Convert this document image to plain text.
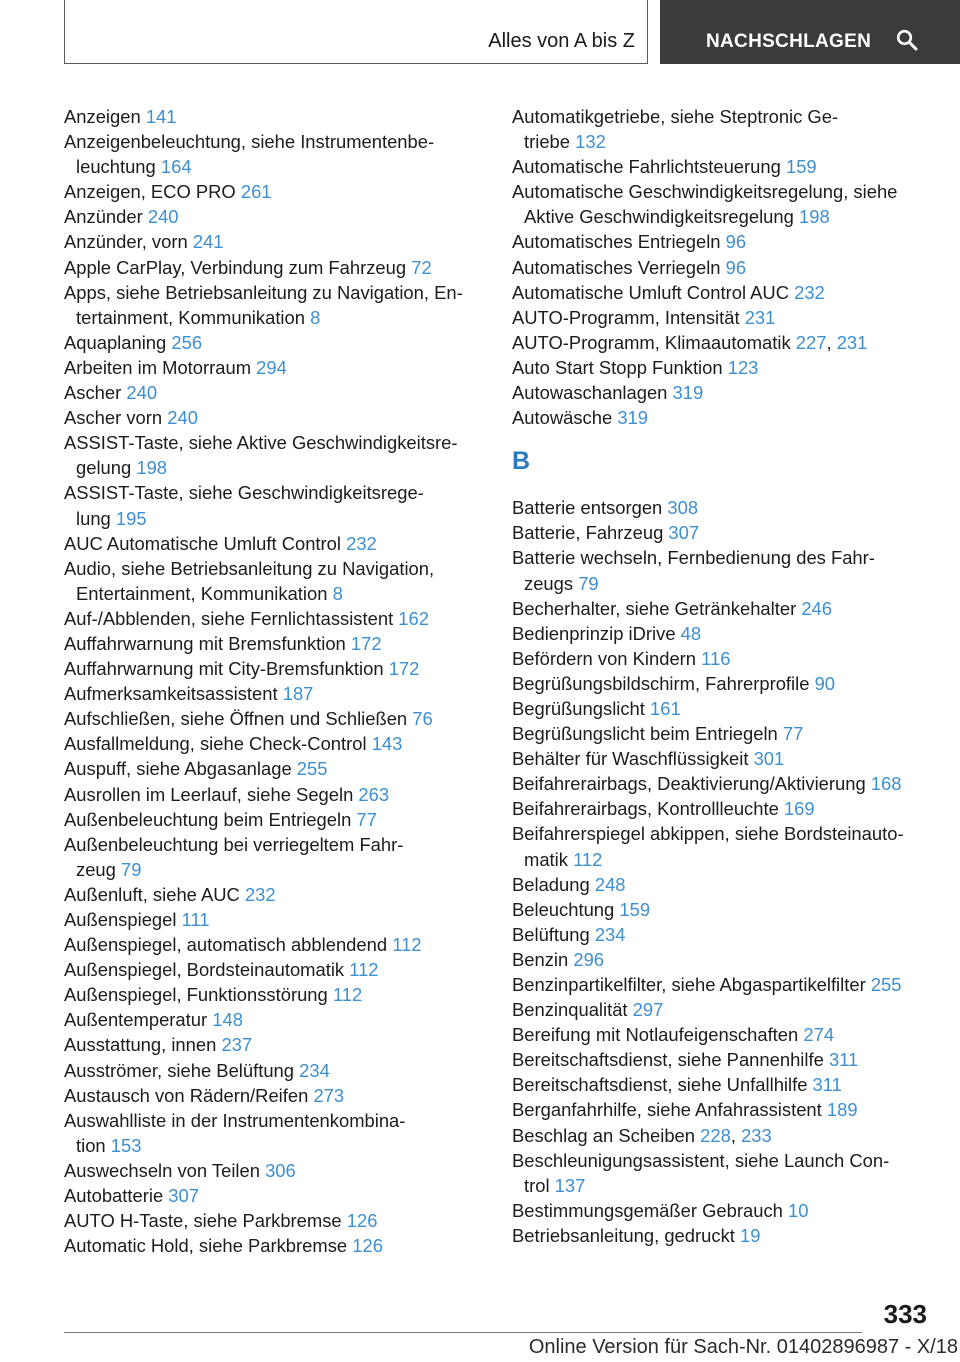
Alles von A bis Z	NACHSCHLAGEN
Anzeigen 141
Anzeigenbeleuchtung, siehe Instrumentenbe‐
leuchtung 164
Anzeigen, ECO PRO 261
Anzünder 240
Anzünder, vorn 241
Apple CarPlay, Verbindung zum Fahrzeug 72
Apps, siehe Betriebsanleitung zu Navigation, En‐
tertainment, Kommunikation 8
Aquaplaning 256
Arbeiten im Motorraum 294
Ascher 240
Ascher vorn 240
ASSIST-Taste, siehe Aktive Geschwindigkeitsre‐
gelung 198
ASSIST-Taste, siehe Geschwindigkeitsrege‐
lung 195
AUC Automatische Umluft Control 232
Audio, siehe Betriebsanleitung zu Navigation,
Entertainment, Kommunikation 8
Auf-/Abblenden, siehe Fernlichtassistent 162
Auffahrwarnung mit Bremsfunktion 172
Auffahrwarnung mit City-Bremsfunktion 172
Aufmerksamkeitsassistent 187
Aufschließen, siehe Öffnen und Schließen 76
Ausfallmeldung, siehe Check-Control 143
Auspuff, siehe Abgasanlage 255
Ausrollen im Leerlauf, siehe Segeln 263
Außenbeleuchtung beim Entriegeln 77
Außenbeleuchtung bei verriegeltem Fahr‐
zeug 79
Außenluft, siehe AUC 232
Außenspiegel 111
Außenspiegel, automatisch abblendend 112
Außenspiegel, Bordsteinautomatik 112
Außenspiegel, Funktionsstörung 112
Außentemperatur 148
Ausstattung, innen 237
Ausströmer, siehe Belüftung 234
Austausch von Rädern/Reifen 273
Auswahlliste in der Instrumentenkombina‐
tion 153
Auswechseln von Teilen 306
Autobatterie 307
AUTO H-Taste, siehe Parkbremse 126
Automatic Hold, siehe Parkbremse 126
Automatikgetriebe, siehe Steptronic Ge‐
triebe 132
Automatische Fahrlichtsteuerung 159
Automatische Geschwindigkeitsregelung, siehe
Aktive Geschwindigkeitsregelung 198
Automatisches Entriegeln 96
Automatisches Verriegeln 96
Automatische Umluft Control AUC 232
AUTO-Programm, Intensität 231
AUTO-Programm, Klimaautomatik 227, 231
Auto Start Stopp Funktion 123
Autowaschanlagen 319
Autowäsche 319
B
Batterie entsorgen 308
Batterie, Fahrzeug 307
Batterie wechseln, Fernbedienung des Fahr‐
zeugs 79
Becherhalter, siehe Getränkehalter 246
Bedienprinzip iDrive 48
Befördern von Kindern 116
Begrüßungsbildschirm, Fahrerprofile 90
Begrüßungslicht 161
Begrüßungslicht beim Entriegeln 77
Behälter für Waschflüssigkeit 301
Beifahrerairbags, Deaktivierung/Aktivierung 168
Beifahrerairbags, Kontrollleuchte 169
Beifahrerspiegel abkippen, siehe Bordsteinauto‐
matik 112
Beladung 248
Beleuchtung 159
Belüftung 234
Benzin 296
Benzinpartikelfilter, siehe Abgaspartikelfilter 255
Benzinqualität 297
Bereifung mit Notlaufeigenschaften 274
Bereitschaftsdienst, siehe Pannenhilfe 311
Bereitschaftsdienst, siehe Unfallhilfe 311
Berganfahrhilfe, siehe Anfahrassistent 189
Beschlag an Scheiben 228, 233
Beschleunigungsassistent, siehe Launch Con‐
trol 137
Bestimmungsgemäßer Gebrauch 10
Betriebsanleitung, gedruckt 19
333
Online Version für Sach-Nr. 01402896987 - X/18
